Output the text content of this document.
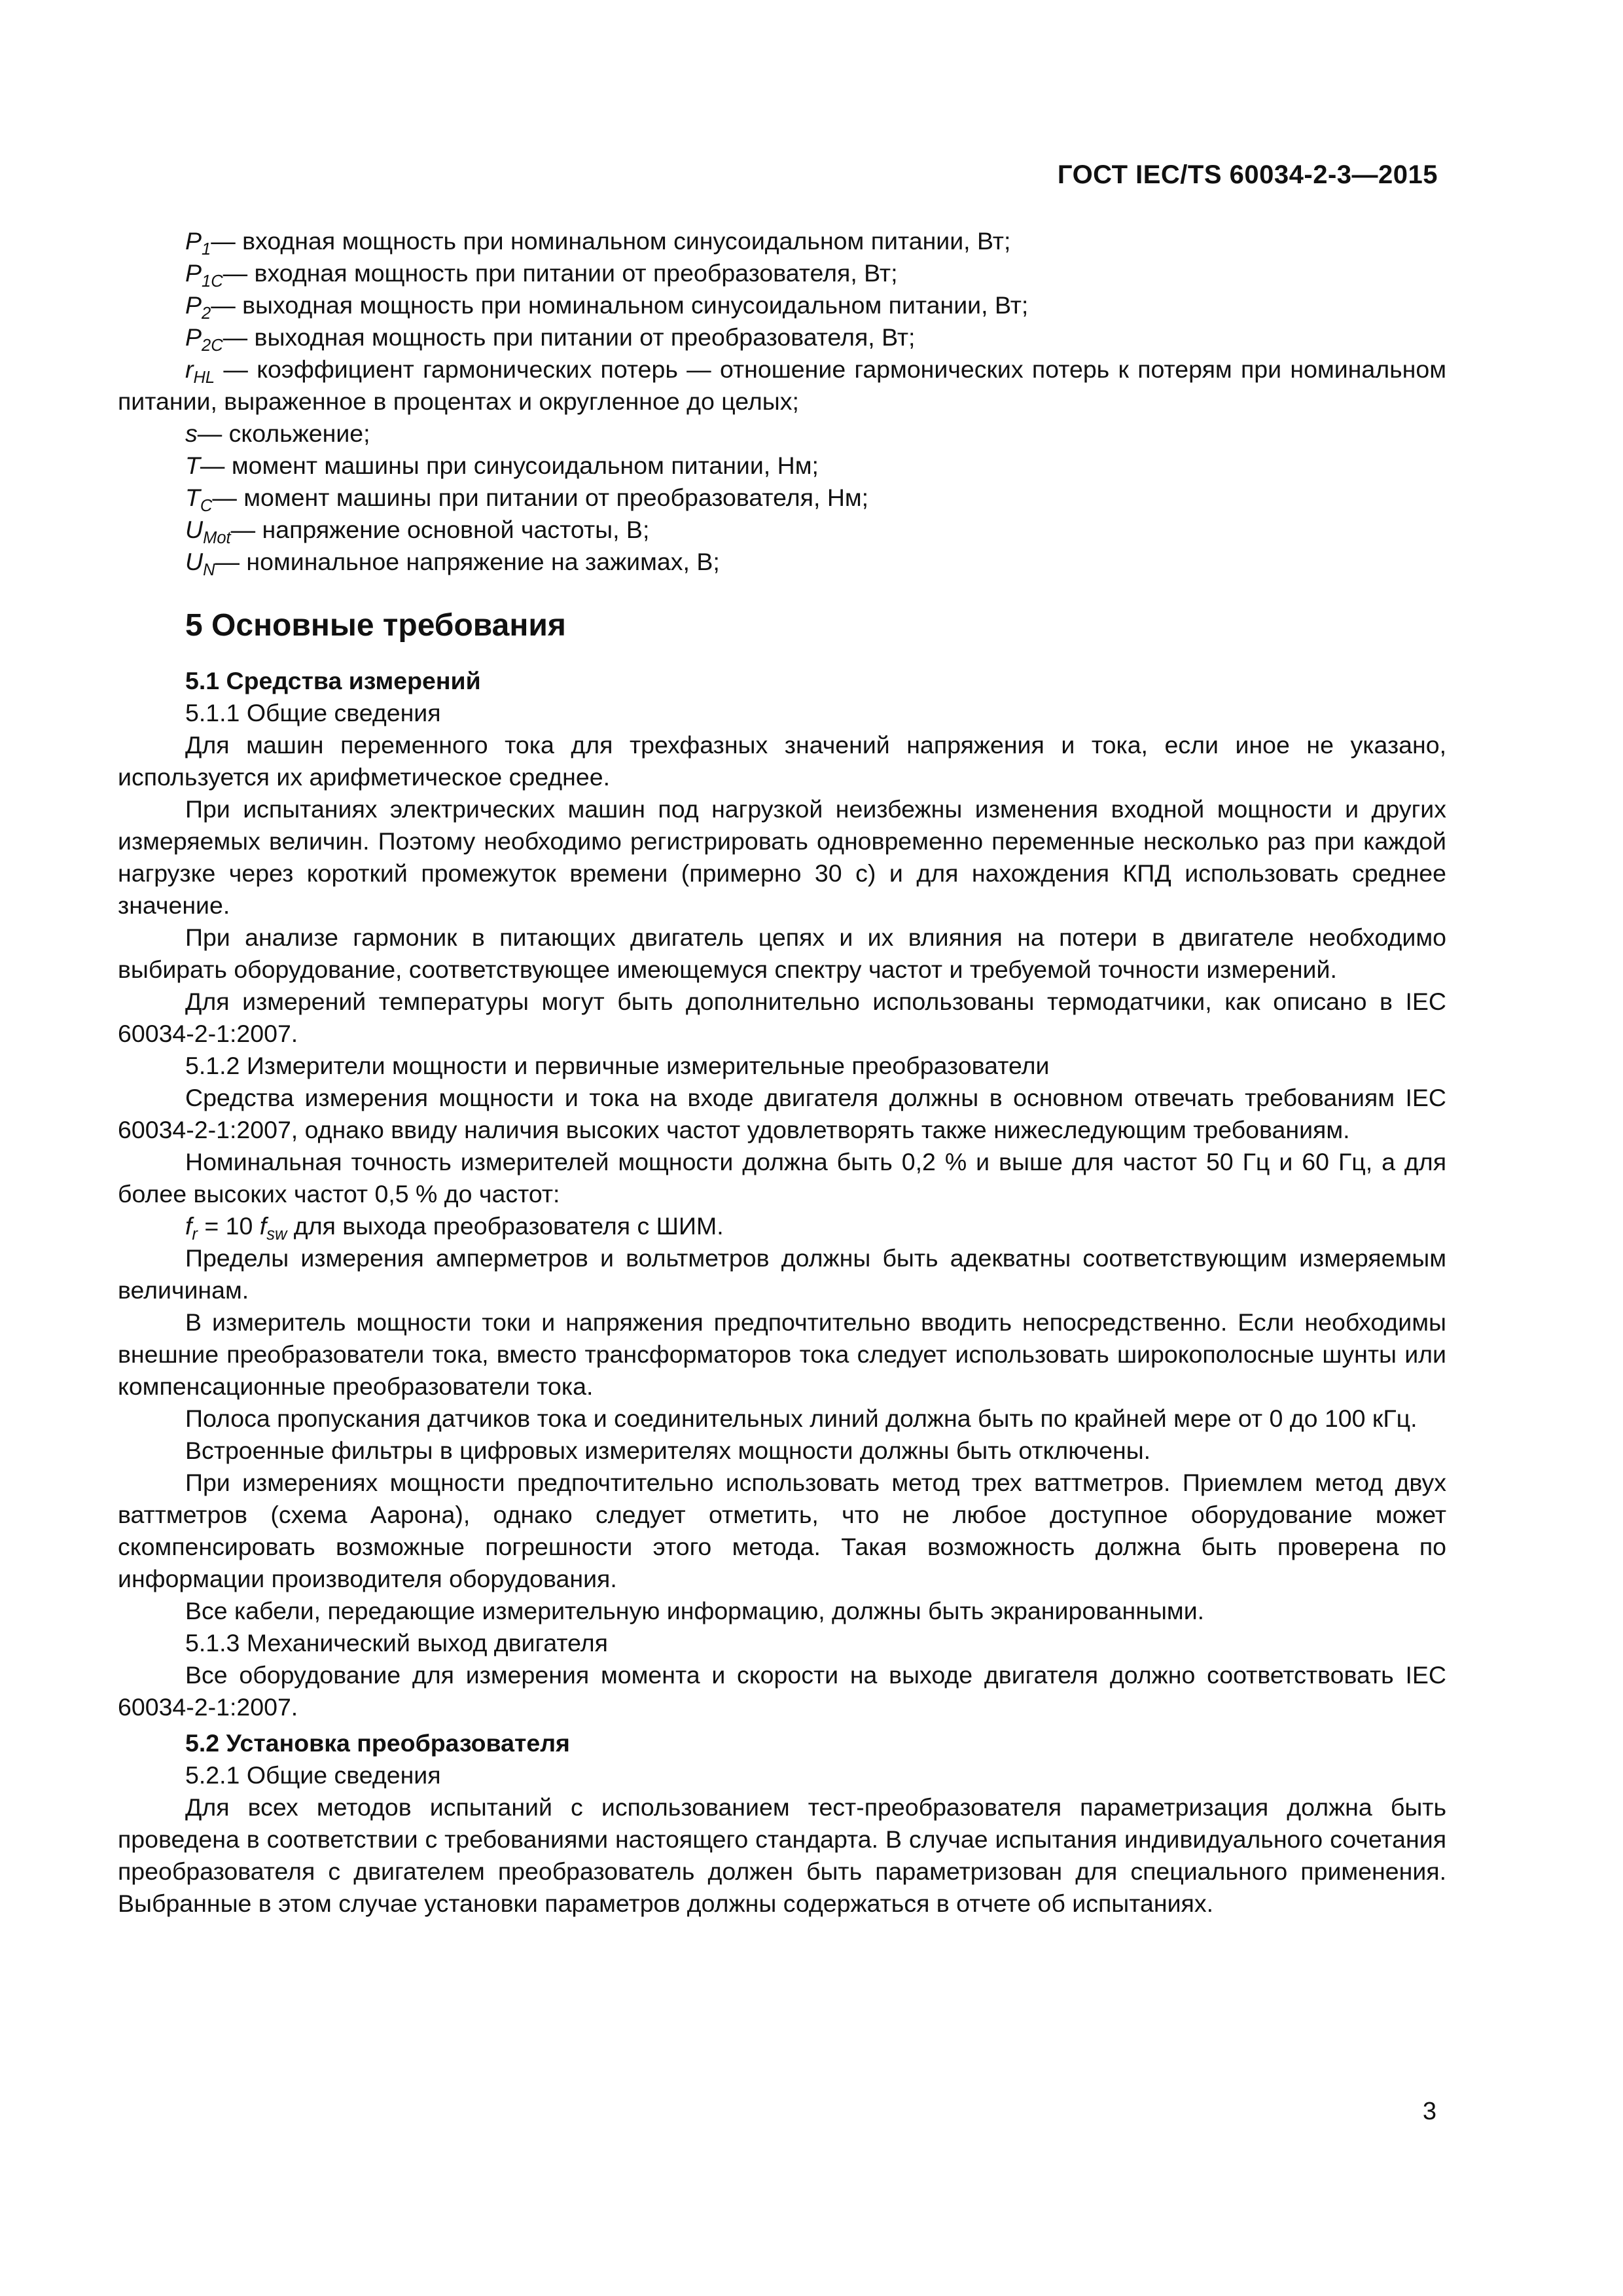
ГОСТ IEC/TS 60034-2-3—2015

$P_1—$ входная мощность при номинальном синусоидальном питании, Вт;

$P_{1C}—$ входная мощность при питании от преобразователя, Вт;

$P_2—$ выходная мощность при номинальном синусоидальном питании, Вт;

$P_{2C}—$ выходная мощность при питании от преобразователя, Вт;

$r_{HL}$ — коэффициент гармонических потерь — отношение гармонических потерь к потерям при номинальном питании, выраженное в процентах и округленное до целых;

s— скольжение;

T— момент машины при синусоидальном питании, Нм;

$T_C—$ момент машины при питании от преобразователя, Нм;

$U_{Mot}—$ напряжение основной частоты, В;

$U_N—$ номинальное напряжение на зажимах, В;

5 Основные требования
5.1 Средства измерений

5.1.1 Общие сведения

Для машин переменного тока для трехфазных значений напряжения и тока, если иное не указано, используется их арифметическое среднее.

При испытаниях электрических машин под нагрузкой неизбежны изменения входной мощности и других измеряемых величин. Поэтому необходимо регистрировать одновременно переменные несколько раз при каждой нагрузке через короткий промежуток времени (примерно 30 с) и для нахождения КПД использовать среднее значение.

При анализе гармоник в питающих двигатель цепях и их влияния на потери в двигателе необходимо выбирать оборудование, соответствующее имеющемуся спектру частот и требуемой точности измерений.

Для измерений температуры могут быть дополнительно использованы термодатчики, как описано в IEC 60034-2-1:2007.

5.1.2 Измерители мощности и первичные измерительные преобразователи

Средства измерения мощности и тока на входе двигателя должны в основном отвечать требованиям IEC 60034-2-1:2007, однако ввиду наличия высоких частот удовлетворять также нижеследующим требованиям.

Номинальная точность измерителей мощности должна быть 0,2 % и выше для частот 50 Гц и 60 Гц, а для более высоких частот 0,5 % до частот:

$f_r = 10$ $f_{sw}$ для выхода преобразователя с ШИМ.

Пределы измерения амперметров и вольтметров должны быть адекватны соответствующим измеряемым величинам.

В измеритель мощности токи и напряжения предпочтительно вводить непосредственно. Если необходимы внешние преобразователи тока, вместо трансформаторов тока следует использовать широкополосные шунты или компенсационные преобразователи тока.

Полоса пропускания датчиков тока и соединительных линий должна быть по крайней мере от 0 до 100 кГц.

Встроенные фильтры в цифровых измерителях мощности должны быть отключены.

При измерениях мощности предпочтительно использовать метод трех ваттметров. Приемлем метод двух ваттметров (схема Аарона), однако следует отметить, что не любое доступное оборудование может скомпенсировать возможные погрешности этого метода. Такая возможность должна быть проверена по информации производителя оборудования.

Все кабели, передающие измерительную информацию, должны быть экранированными.

5.1.3 Механический выход двигателя

Все оборудование для измерения момента и скорости на выходе двигателя должно соответствовать IEC 60034-2-1:2007.

5.2 Установка преобразователя

5.2.1 Общие сведения

Для всех методов испытаний с использованием тест-преобразователя параметризация должна быть проведена в соответствии с требованиями настоящего стандарта. В случае испытания индивидуального сочетания преобразователя с двигателем преобразователь должен быть параметризован для специального применения. Выбранные в этом случае установки параметров должны содержаться в отчете об испытаниях.

3
